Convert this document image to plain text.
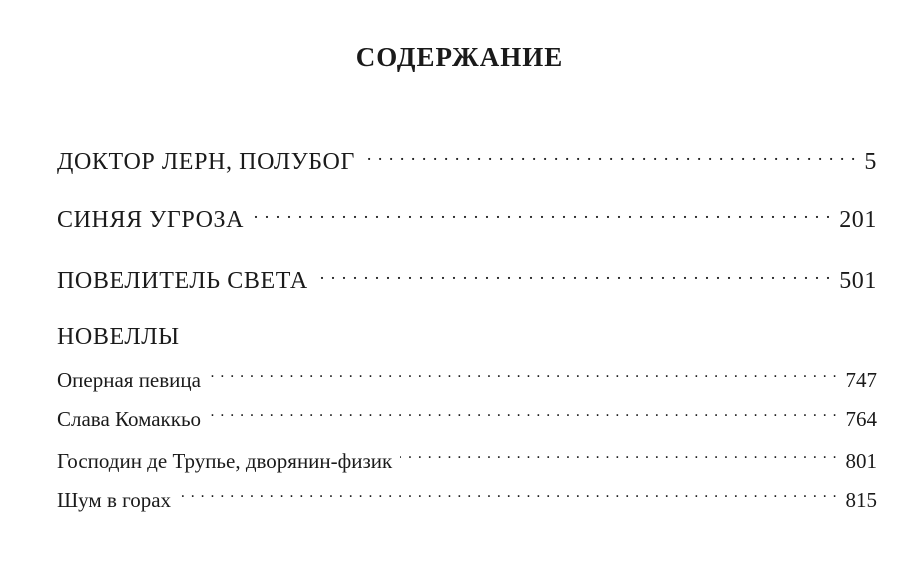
СОДЕРЖАНИЕ
ДОКТОР ЛЕРН, ПОЛУБОГ . . .	5
СИНЯЯ УГРОЗА . . .	201
ПОВЕЛИТЕЛЬ СВЕТА . . .	501
НОВЕЛЛЫ
Оперная певица . . .	747
Слава Комаккьо . . .	764
Господин де Трупье, дворянин-физик . . .	801
Шум в горах . . .	815
